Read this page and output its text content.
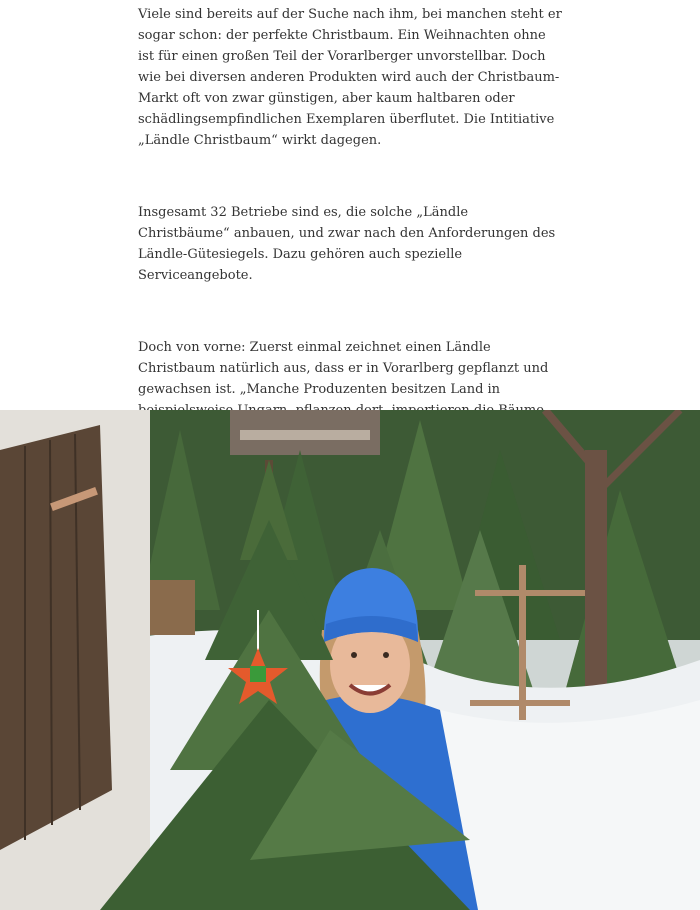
Viele sind bereits auf der Suche nach ihm, bei manchen steht er sogar schon: der perfekte Christbaum. Ein Weihnachten ohne ist für einen großen Teil der Vorarlberger unvorstellbar. Doch wie bei diversen anderen Produkten wird auch der Christbaum-Markt oft von zwar günstigen, aber kaum haltbaren oder schädlingsempfindlichen Exemplaren überflutet. Die Intitiative „Ländle Christbaum“ wirkt dagegen.

Insgesamt 32 Betriebe sind es, die solche „Ländle Christbäume“ anbauen, und zwar nach den Anforderungen des Ländle-Gütesiegels. Dazu gehören auch spezielle Serviceangebote.

Doch von vorne: Zuerst einmal zeichnet einen Ländle Christbaum natürlich aus, dass er in Vorarlberg gepflanzt und gewachsen ist. „Manche Produzenten besitzen Land in
